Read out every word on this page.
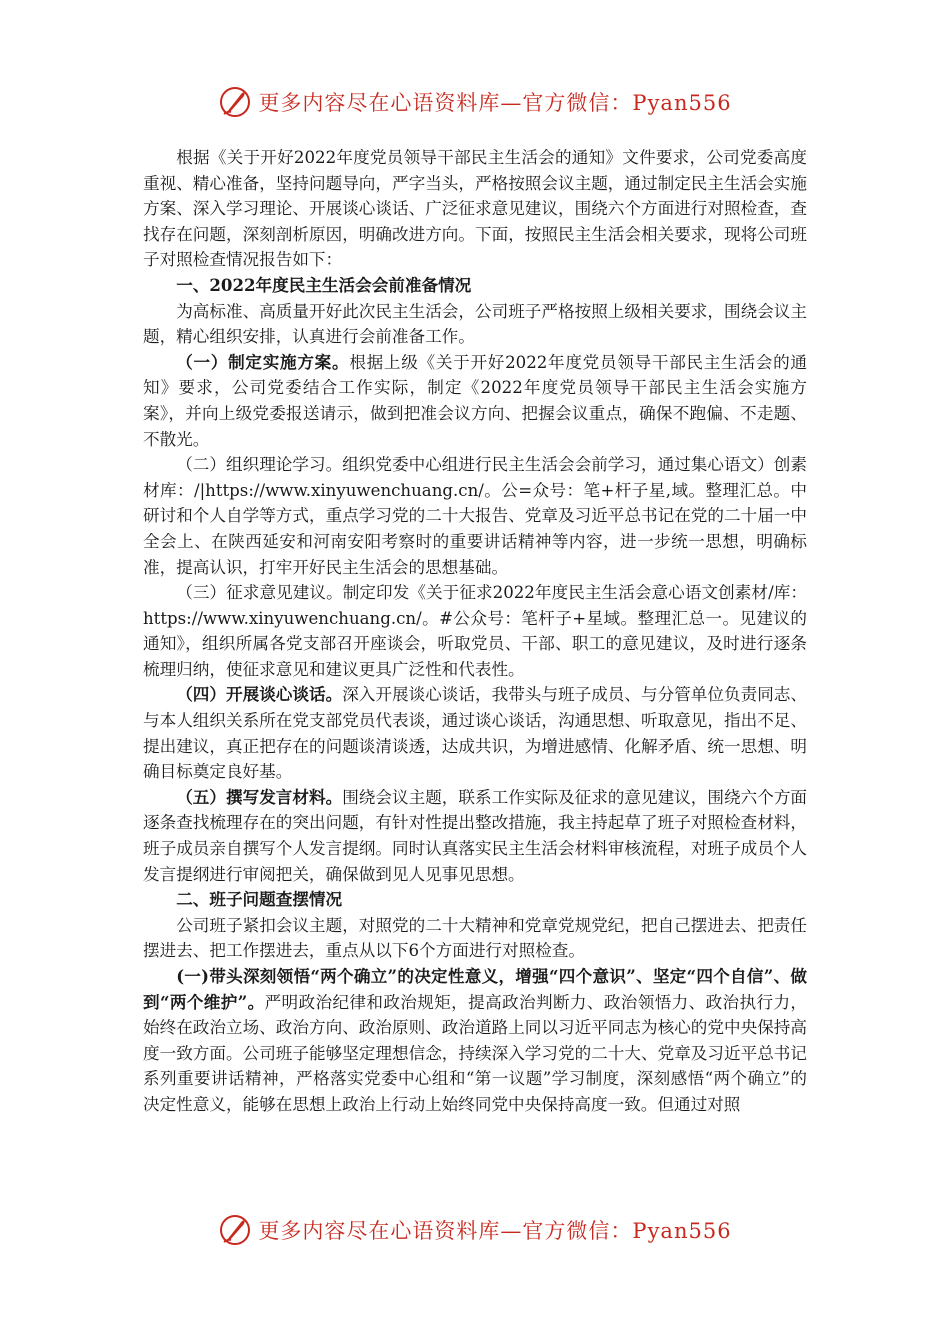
更多内容尽在心语资料库—官方微信：Pyan556

根据《关于开好2022年度党员领导干部民主生活会的通知》文件要求，公司党委高度重视、精心准备，坚持问题导向，严字当头，严格按照会议主题，通过制定民主生活会实施方案、深入学习理论、开展谈心谈话、广泛征求意见建议，围绕六个方面进行对照检查，查找存在问题，深刻剖析原因，明确改进方向。下面，按照民主生活会相关要求，现将公司班子对照检查情况报告如下：

一、2022年度民主生活会会前准备情况

为高标准、高质量开好此次民主生活会，公司班子严格按照上级相关要求，围绕会议主题，精心组织安排，认真进行会前准备工作。

（一）制定实施方案。根据上级《关于开好2022年度党员领导干部民主生活会的通知》要求，公司党委结合工作实际，制定《2022年度党员领导干部民主生活会实施方案》，并向上级党委报送请示，做到把准会议方向、把握会议重点，确保不跑偏、不走题、不散光。

（二）组织理论学习。组织党委中心组进行民主生活会会前学习，通过集心语文）创素材库：/|https://www.xinyuwenchuang.cn/。公=众号：笔+杆子星,域。整理汇总。中研讨和个人自学等方式，重点学习党的二十大报告、党章及习近平总书记在党的二十届一中全会上、在陕西延安和河南安阳考察时的重要讲话精神等内容，进一步统一思想，明确标准，提高认识，打牢开好民主生活会的思想基础。

（三）征求意见建议。制定印发《关于征求2022年度民主生活会意心语文创素材/库：https://www.xinyuwenchuang.cn/。#公众号：笔杆子+星域。整理汇总一。见建议的通知》，组织所属各党支部召开座谈会，听取党员、干部、职工的意见建议，及时进行逐条梳理归纳，使征求意见和建议更具广泛性和代表性。

（四）开展谈心谈话。深入开展谈心谈话，我带头与班子成员、与分管单位负责同志、与本人组织关系所在党支部党员代表谈，通过谈心谈话，沟通思想、听取意见，指出不足、提出建议，真正把存在的问题谈清谈透，达成共识，为增进感情、化解矛盾、统一思想、明确目标奠定良好基。

（五）撰写发言材料。围绕会议主题，联系工作实际及征求的意见建议，围绕六个方面逐条查找梳理存在的突出问题，有针对性提出整改措施，我主持起草了班子对照检查材料，班子成员亲自撰写个人发言提纲。同时认真落实民主生活会材料审核流程，对班子成员个人发言提纲进行审阅把关，确保做到见人见事见思想。

二、班子问题查摆情况

公司班子紧扣会议主题，对照党的二十大精神和党章党规党纪，把自己摆进去、把责任摆进去、把工作摆进去，重点从以下6个方面进行对照检查。

(一)带头深刻领悟“两个确立”的决定性意义，增强“四个意识”、坚定“四个自信”、做到“两个维护”。严明政治纪律和政治规矩，提高政治判断力、政治领悟力、政治执行力，始终在政治立场、政治方向、政治原则、政治道路上同以习近平同志为核心的党中央保持高度一致方面。公司班子能够坚定理想信念，持续深入学习党的二十大、党章及习近平总书记系列重要讲话精神，严格落实党委中心组和“第一议题”学习制度，深刻感悟“两个确立”的决定性意义，能够在思想上政治上行动上始终同党中央保持高度一致。但通过对照

更多内容尽在心语资料库—官方微信：Pyan556
